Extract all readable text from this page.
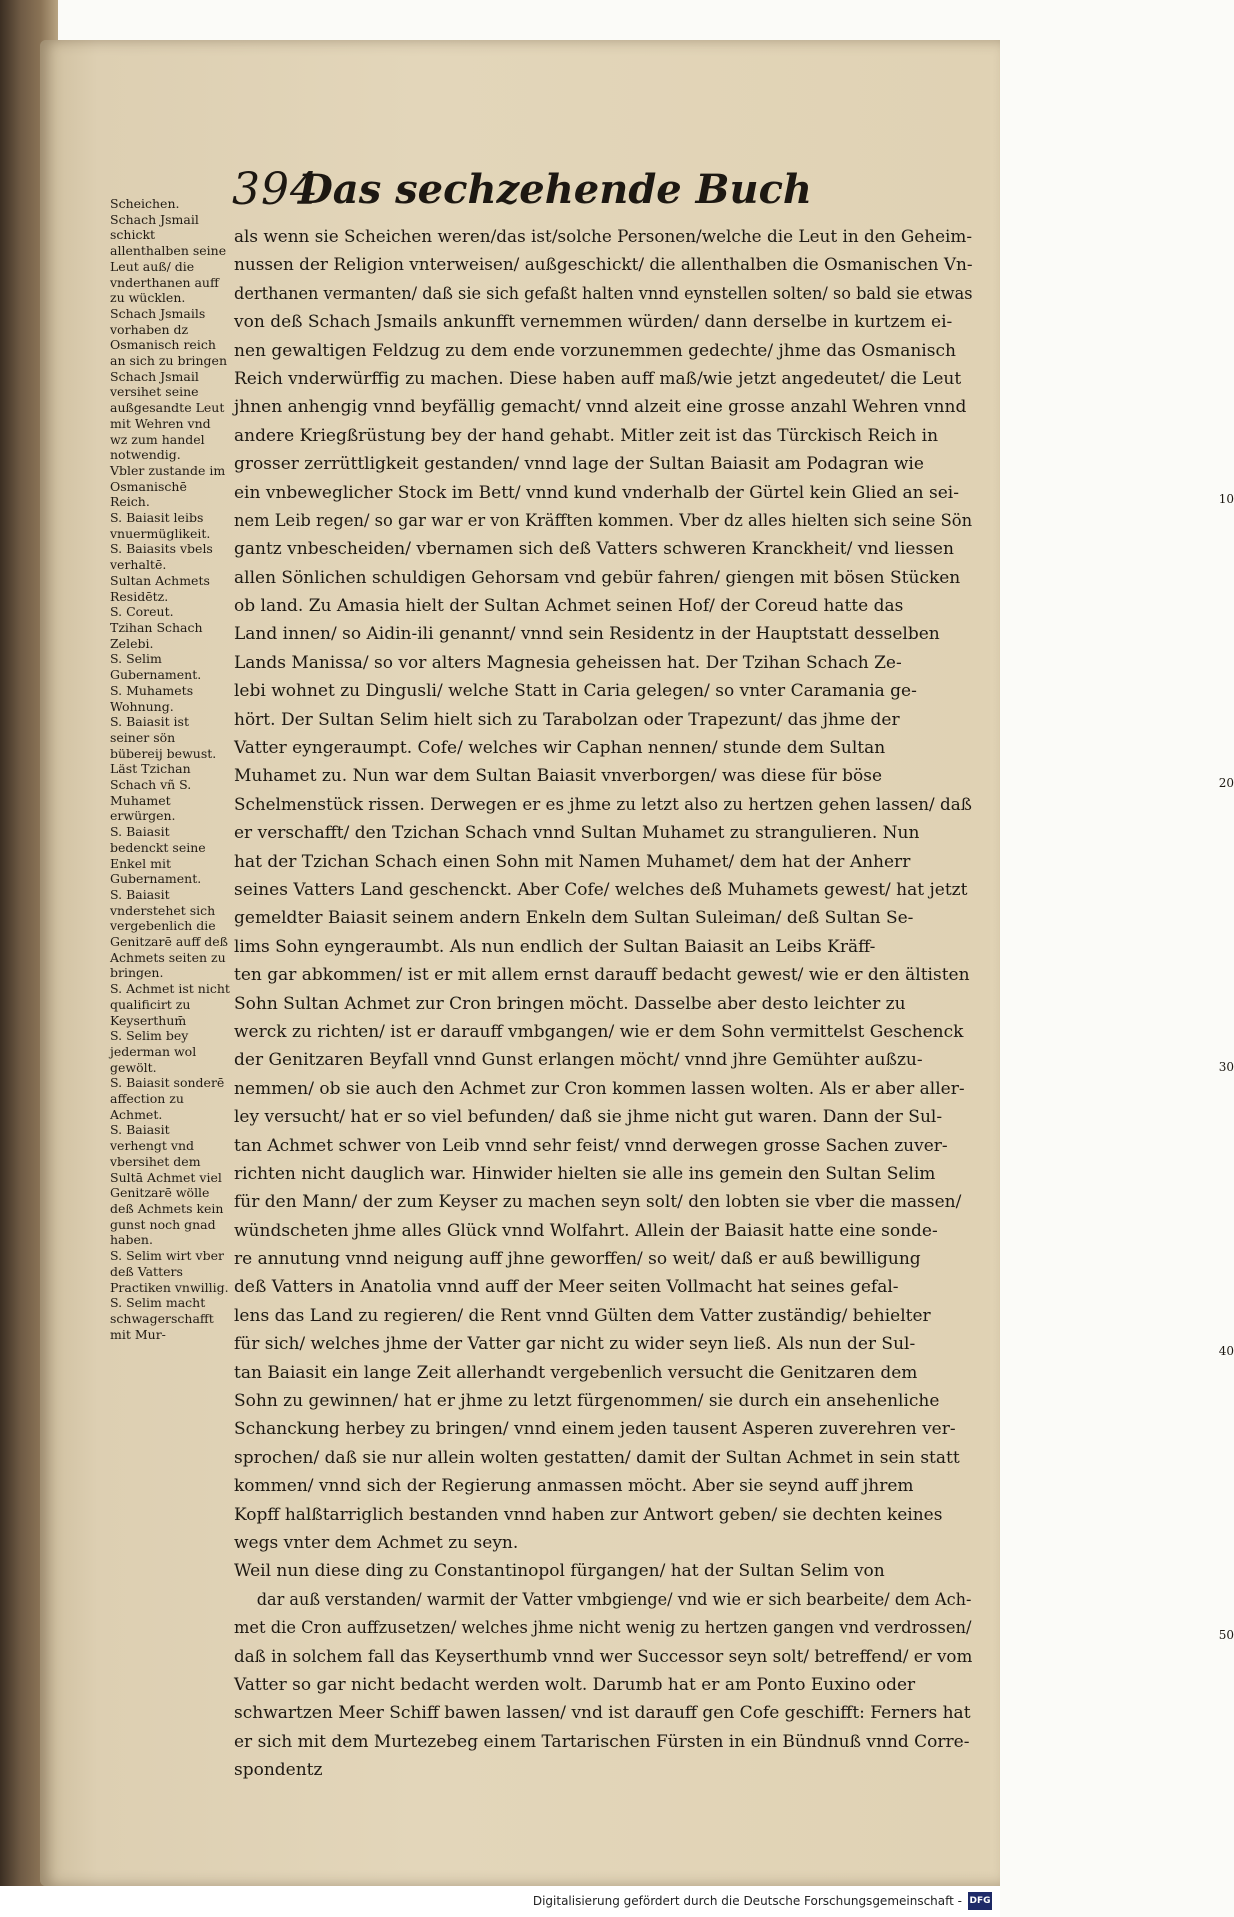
394
Das sechzehende Buch

Scheichen.

Schach Jsmail schickt allenthalben seine Leut auß/ die vnderthanen auff zu wücklen.

Schach Jsmails vorhaben dz Osmanisch reich an sich zu bringen

Schach Jsmail versihet seine außgesandte Leut mit Wehren vnd wz zum handel notwendig.

Vbler zustande im Osmanischē Reich.

S. Baiasit leibs vnuermüglikeit.

S. Baiasits vbels verhaltē.

Sultan Achmets Residētz.

S. Coreut.

Tzihan Schach Zelebi.

S. Selim Gubernament.

S. Muhamets Wohnung.

S. Baiasit ist seiner sön bübereij bewust.

Läst Tzichan Schach vñ S. Muhamet erwürgen.

S. Baiasit bedenckt seine Enkel mit Gubernament.

S. Baiasit vnderstehet sich vergebenlich die Genitzarē auff deß Achmets seiten zu bringen.

S. Achmet ist nicht qualificirt zu Keyserthum̄

S. Selim bey jederman wol gewölt.

S. Baiasit sonderē affection zu Achmet.

S. Baiasit verhengt vnd vbersihet dem Sultā Achmet viel

Genitzarē wölle deß Achmets kein gunst noch gnad haben.

S. Selim wirt vber deß Vatters Practiken vnwillig.

S. Selim macht schwagerschafft mit Mur-

10
20
30
40
50
als wenn sie Scheichen weren/das ist/solche Personen/welche die Leut in den Geheim-
nussen der Religion vnterweisen/ außgeschickt/ die allenthalben die Osmanischen Vn-
derthanen vermanten/ daß sie sich gefaßt halten vnnd eynstellen solten/ so bald sie etwas
von deß Schach Jsmails ankunfft vernemmen würden/ dann derselbe in kurtzem ei-
nen gewaltigen Feldzug zu dem ende vorzunemmen gedechte/ jhme das Osmanisch
Reich vnderwürffig zu machen. Diese haben auff maß/wie jetzt angedeutet/ die Leut
jhnen anhengig vnnd beyfällig gemacht/ vnnd alzeit eine grosse anzahl Wehren vnnd
andere Kriegßrüstung bey der hand gehabt. Mitler zeit ist das Türckisch Reich in
grosser zerrüttligkeit gestanden/ vnnd lage der Sultan Baiasit am Podagran wie
ein vnbeweglicher Stock im Bett/ vnnd kund vnderhalb der Gürtel kein Glied an sei-
nem Leib regen/ so gar war er von Kräfften kommen. Vber dz alles hielten sich seine Sön
gantz vnbescheiden/ vbernamen sich deß Vatters schweren Kranckheit/ vnd liessen
allen Sönlichen schuldigen Gehorsam vnd gebür fahren/ giengen mit bösen Stücken
ob land. Zu Amasia hielt der Sultan Achmet seinen Hof/ der Coreud hatte das
Land innen/ so Aidin-ili genannt/ vnnd sein Residentz in der Hauptstatt desselben
Lands Manissa/ so vor alters Magnesia geheissen hat. Der Tzihan Schach Ze-
lebi wohnet zu Dingusli/ welche Statt in Caria gelegen/ so vnter Caramania ge-
hört. Der Sultan Selim hielt sich zu Tarabolzan oder Trapezunt/ das jhme der
Vatter eyngeraumpt. Cofe/ welches wir Caphan nennen/ stunde dem Sultan
Muhamet zu. Nun war dem Sultan Baiasit vnverborgen/ was diese für böse
Schelmenstück rissen. Derwegen er es jhme zu letzt also zu hertzen gehen lassen/ daß
er verschafft/ den Tzichan Schach vnnd Sultan Muhamet zu strangulieren. Nun
hat der Tzichan Schach einen Sohn mit Namen Muhamet/ dem hat der Anherr
seines Vatters Land geschenckt. Aber Cofe/ welches deß Muhamets gewest/ hat jetzt
gemeldter Baiasit seinem andern Enkeln dem Sultan Suleiman/ deß Sultan Se-
lims Sohn eyngeraumbt. Als nun endlich der Sultan Baiasit an Leibs Kräff-
ten gar abkommen/ ist er mit allem ernst darauff bedacht gewest/ wie er den ältisten
Sohn Sultan Achmet zur Cron bringen möcht. Dasselbe aber desto leichter zu
werck zu richten/ ist er darauff vmbgangen/ wie er dem Sohn vermittelst Geschenck
der Genitzaren Beyfall vnnd Gunst erlangen möcht/ vnnd jhre Gemühter außzu-
nemmen/ ob sie auch den Achmet zur Cron kommen lassen wolten. Als er aber aller-
ley versucht/ hat er so viel befunden/ daß sie jhme nicht gut waren. Dann der Sul-
tan Achmet schwer von Leib vnnd sehr feist/ vnnd derwegen grosse Sachen zuver-
richten nicht dauglich war. Hinwider hielten sie alle ins gemein den Sultan Selim
für den Mann/ der zum Keyser zu machen seyn solt/ den lobten sie vber die massen/
wündscheten jhme alles Glück vnnd Wolfahrt. Allein der Baiasit hatte eine sonde-
re annutung vnnd neigung auff jhne geworffen/ so weit/ daß er auß bewilligung
deß Vatters in Anatolia vnnd auff der Meer seiten Vollmacht hat seines gefal-
lens das Land zu regieren/ die Rent vnnd Gülten dem Vatter zuständig/ behielter
für sich/ welches jhme der Vatter gar nicht zu wider seyn ließ. Als nun der Sul-
tan Baiasit ein lange Zeit allerhandt vergebenlich versucht die Genitzaren dem
Sohn zu gewinnen/ hat er jhme zu letzt fürgenommen/ sie durch ein ansehenliche
Schanckung herbey zu bringen/ vnnd einem jeden tausent Asperen zuverehren ver-
sprochen/ daß sie nur allein wolten gestatten/ damit der Sultan Achmet in sein statt
kommen/ vnnd sich der Regierung anmassen möcht. Aber sie seynd auff jhrem
Kopff halßtarriglich bestanden vnnd haben zur Antwort geben/ sie dechten keines
wegs vnter dem Achmet zu seyn.
Weil nun diese ding zu Constantinopol fürgangen/ hat der Sultan Selim von
dar auß verstanden/ warmit der Vatter vmbgienge/ vnd wie er sich bearbeite/ dem Ach-
met die Cron auffzusetzen/ welches jhme nicht wenig zu hertzen gangen vnd verdrossen/
daß in solchem fall das Keyserthumb vnnd wer Successor seyn solt/ betreffend/ er vom
Vatter so gar nicht bedacht werden wolt. Darumb hat er am Ponto Euxino oder
schwartzen Meer Schiff bawen lassen/ vnd ist darauff gen Cofe geschifft: Ferners hat
er sich mit dem Murtezebeg einem Tartarischen Fürsten in ein Bündnuß vnnd Corre-
spondentz
Digitalisierung gefördert durch die Deutsche Forschungsgemeinschaft - DFG
